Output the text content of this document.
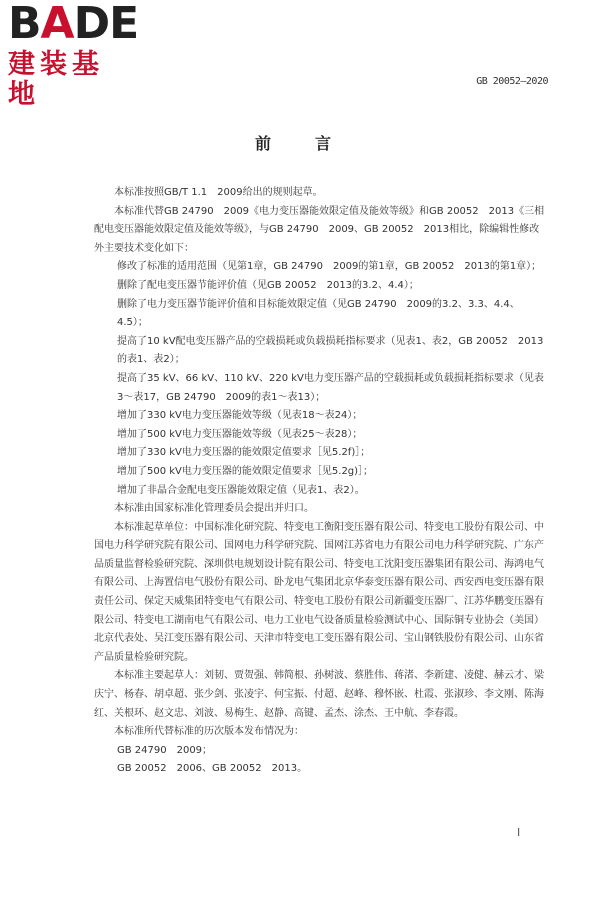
BADE
建装基地	GB 20052—2020
前　言

本标准按照GB/T 1.1　2009给出的规则起草。

本标准代替GB 24790　2009《电力变压器能效限定值及能效等级》和GB 20052　2013《三相配电变压器能效限定值及能效等级》，与GB 24790　2009、GB 20052　2013相比，除编辑性修改外主要技术变化如下：

修改了标准的适用范围（见第1章，GB 24790　2009的第1章，GB 20052　2013的第1章）；

删除了配电变压器节能评价值（见GB 20052　2013的3.2、4.4）；

删除了电力变压器节能评价值和目标能效限定值（见GB 24790　2009的3.2、3.3、4.4、4.5）；

提高了10 kV配电变压器产品的空载损耗或负载损耗指标要求（见表1、表2，GB 20052　2013的表1、表2）；

提高了35 kV、66 kV、110 kV、220 kV电力变压器产品的空载损耗或负载损耗指标要求（见表3～表17，GB 24790　2009的表1～表13）；

增加了330 kV电力变压器能效等级（见表18～表24）；

增加了500 kV电力变压器能效等级（见表25～表28）；

增加了330 kV电力变压器的能效限定值要求［见5.2f)］；

增加了500 kV电力变压器的能效限定值要求［见5.2g)］；

增加了非晶合金配电变压器能效限定值（见表1、表2）。

本标准由国家标准化管理委员会提出并归口。

本标准起草单位：中国标准化研究院、特变电工衡阳变压器有限公司、特变电工股份有限公司、中国电力科学研究院有限公司、国网电力科学研究院、国网江苏省电力有限公司电力科学研究院、广东产品质量监督检验研究院、深圳供电规划设计院有限公司、特变电工沈阳变压器集团有限公司、海鸿电气有限公司、上海置信电气股份有限公司、卧龙电气集团北京华泰变压器有限公司、西安西电变压器有限责任公司、保定天威集团特变电气有限公司、特变电工股份有限公司新疆变压器厂、江苏华鹏变压器有限公司、特变电工湖南电气有限公司、电力工业电气设备质量检验测试中心、国际铜专业协会（美国）北京代表处、吴江变压器有限公司、天津市特变电工变压器有限公司、宝山钢铁股份有限公司、山东省产品质量检验研究院。

本标准主要起草人：刘韧、贾贺强、韩简根、孙树波、蔡胜伟、蒋渚、李新建、凌健、赫云才、梁庆宁、杨春、胡卓超、张少剑、张凌宇、何宝振、付超、赵峰、穆怀嵌、杜霞、张淑珍、李文刚、陈海红、关根环、赵文忠、刘波、易梅生、赵静、高键、孟杰、涂杰、王中航、李春霞。

本标准所代替标准的历次版本发布情况为：

GB 24790　2009；

GB 20052　2006、GB 20052　2013。

I
